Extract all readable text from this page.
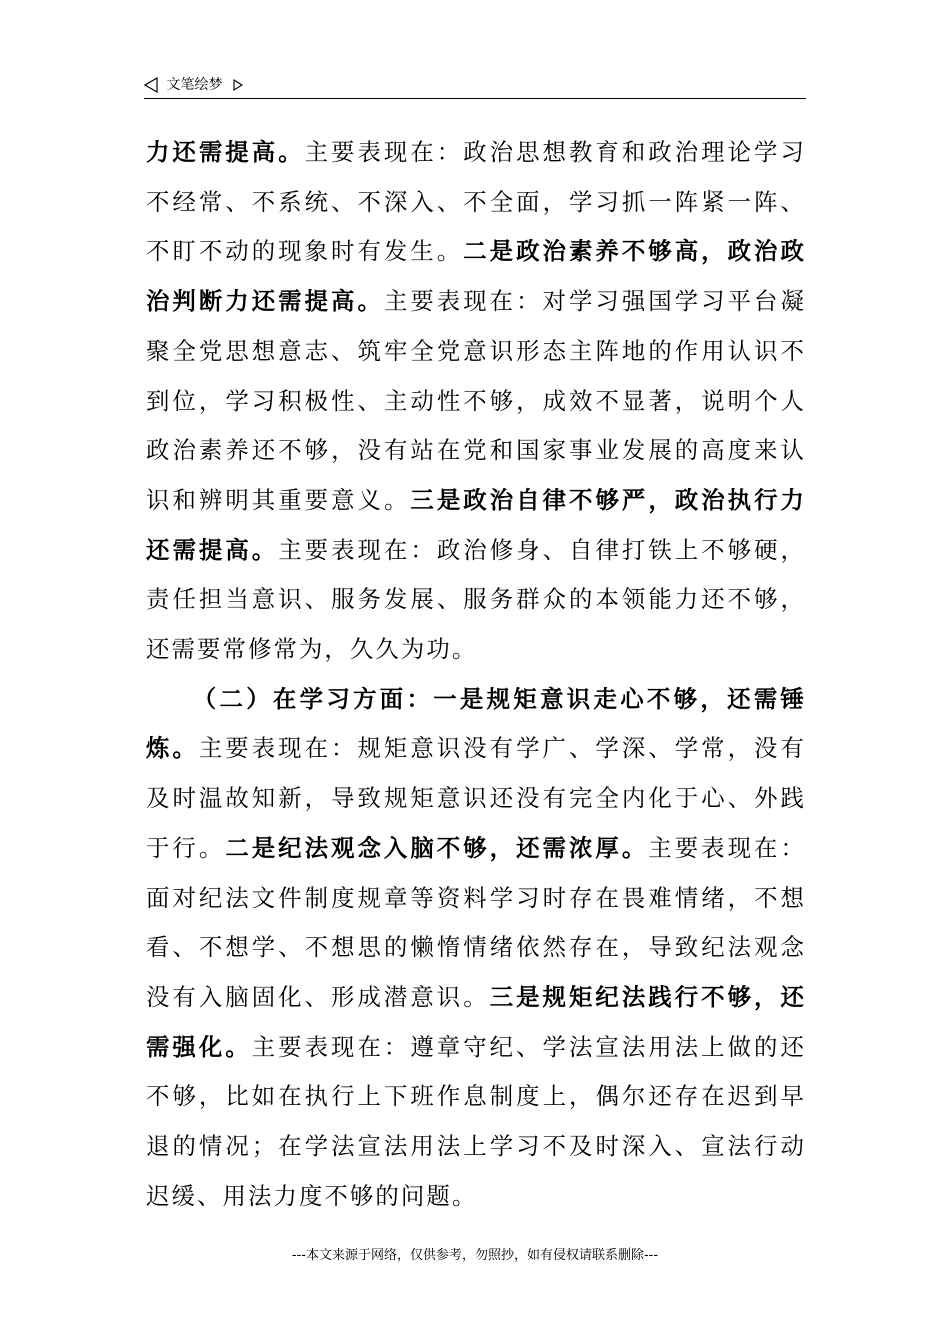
文笔绘梦

力还需提高。主要表现在：政治思想教育和政治理论学习不经常、不系统、不深入、不全面，学习抓一阵紧一阵、不盯不动的现象时有发生。二是政治素养不够高，政治政治判断力还需提高。主要表现在：对学习强国学习平台凝聚全党思想意志、筑牢全党意识形态主阵地的作用认识不到位，学习积极性、主动性不够，成效不显著，说明个人政治素养还不够，没有站在党和国家事业发展的高度来认识和辨明其重要意义。三是政治自律不够严，政治执行力还需提高。主要表现在：政治修身、自律打铁上不够硬，责任担当意识、服务发展、服务群众的本领能力还不够，还需要常修常为，久久为功。

（二）在学习方面：一是规矩意识走心不够，还需锤炼。主要表现在：规矩意识没有学广、学深、学常，没有及时温故知新，导致规矩意识还没有完全内化于心、外践于行。二是纪法观念入脑不够，还需浓厚。主要表现在：面对纪法文件制度规章等资料学习时存在畏难情绪，不想看、不想学、不想思的懒惰情绪依然存在，导致纪法观念没有入脑固化、形成潜意识。三是规矩纪法践行不够，还需强化。主要表现在：遵章守纪、学法宣法用法上做的还不够，比如在执行上下班作息制度上，偶尔还存在迟到早退的情况；在学法宣法用法上学习不及时深入、宣法行动迟缓、用法力度不够的问题。

---本文来源于网络，仅供参考，勿照抄，如有侵权请联系删除---
